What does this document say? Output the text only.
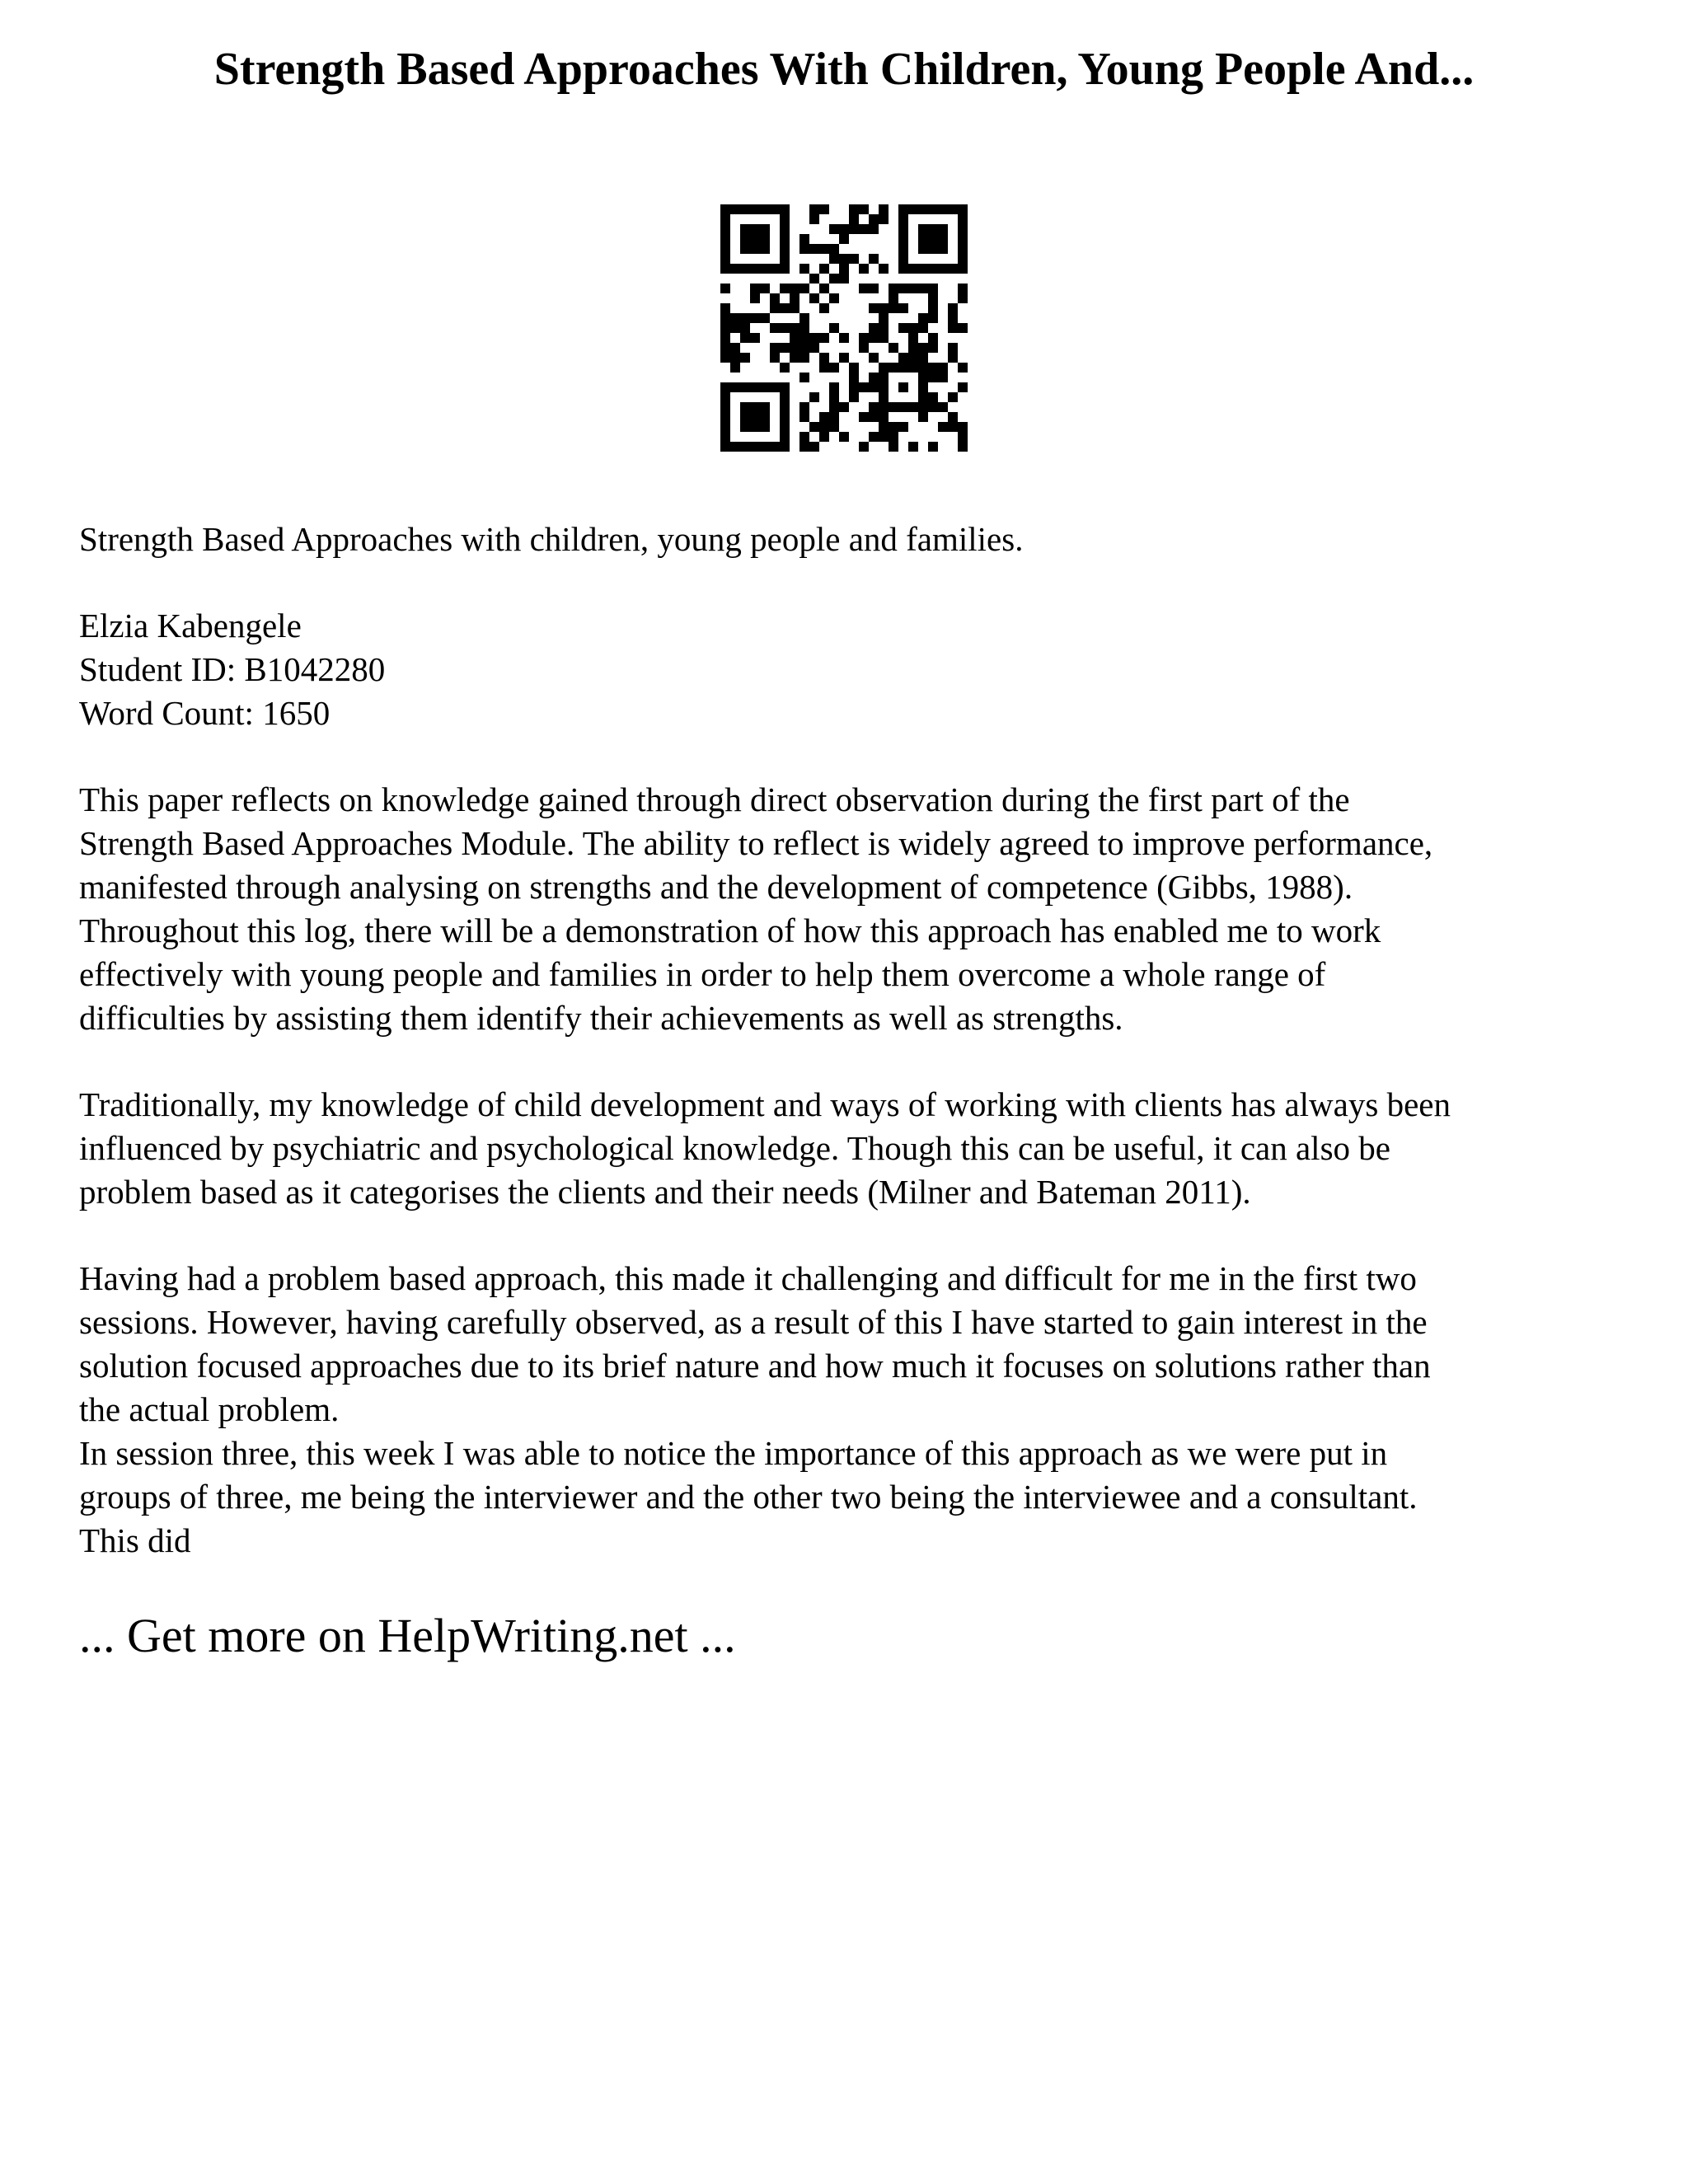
Strength Based Approaches With Children, Young People And...

Strength Based Approaches with children, young people and families.

Elzia Kabengele
Student ID: B1042280
Word Count: 1650

This paper reflects on knowledge gained through direct observation during the first part of the
Strength Based Approaches Module. The ability to reflect is widely agreed to improve performance,
manifested through analysing on strengths and the development of competence (Gibbs, 1988).
Throughout this log, there will be a demonstration of how this approach has enabled me to work
effectively with young people and families in order to help them overcome a whole range of
difficulties by assisting them identify their achievements as well as strengths.

Traditionally, my knowledge of child development and ways of working with clients has always been
influenced by psychiatric and psychological knowledge. Though this can be useful, it can also be
problem based as it categorises the clients and their needs (Milner and Bateman 2011).

Having had a problem based approach, this made it challenging and difficult for me in the first two
sessions. However, having carefully observed, as a result of this I have started to gain interest in the
solution focused approaches due to its brief nature and how much it focuses on solutions rather than
the actual problem.

In session three, this week I was able to notice the importance of this approach as we were put in
groups of three, me being the interviewer and the other two being the interviewee and a consultant.
This did

... Get more on HelpWriting.net ...
